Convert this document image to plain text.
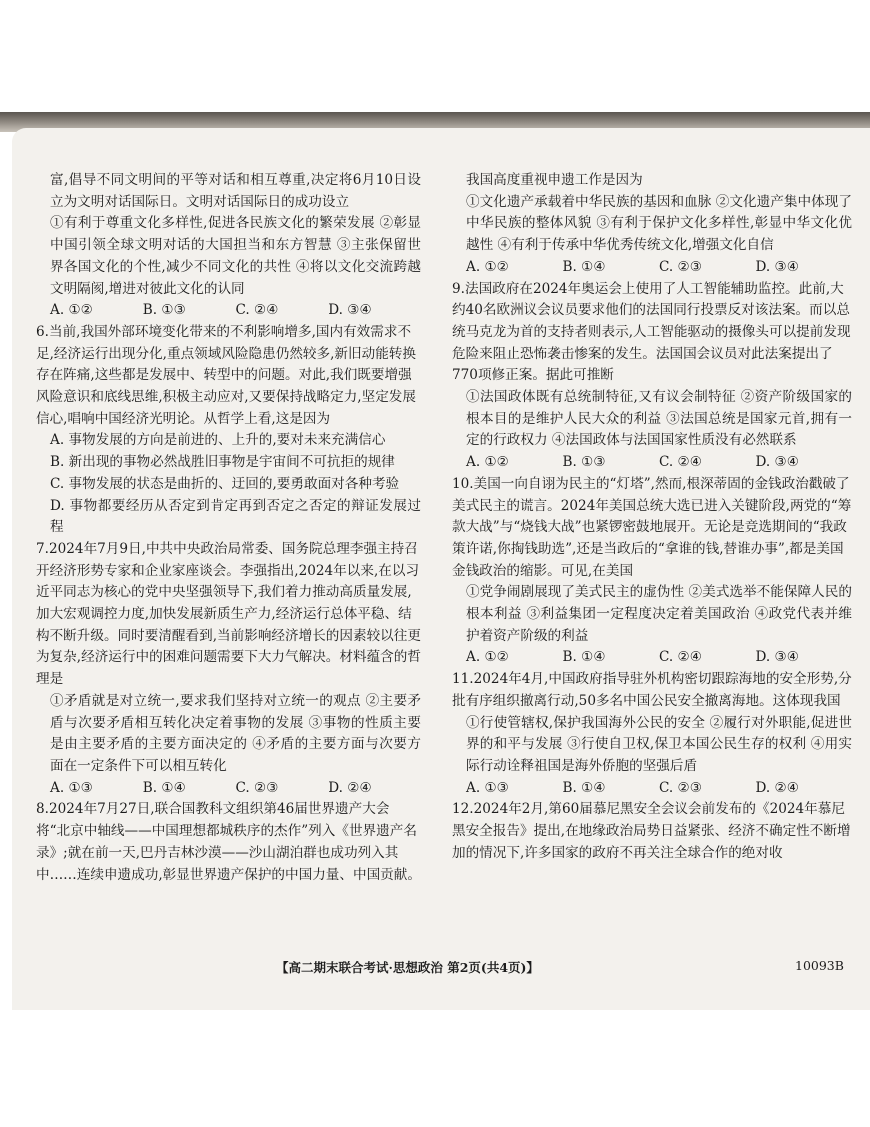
富,倡导不同文明间的平等对话和相互尊重,决定将6月10日设立为文明对话国际日。文明对话国际日的成功设立

①有利于尊重文化多样性,促进各民族文化的繁荣发展 ②彰显中国引领全球文明对话的大国担当和东方智慧 ③主张保留世界各国文化的个性,减少不同文化的共性 ④将以文化交流跨越文明隔阂,增进对彼此文化的认同

A. ①②	B. ①③	C. ②④	D. ③④

6.当前,我国外部环境变化带来的不利影响增多,国内有效需求不足,经济运行出现分化,重点领域风险隐患仍然较多,新旧动能转换存在阵痛,这些都是发展中、转型中的问题。对此,我们既要增强风险意识和底线思维,积极主动应对,又要保持战略定力,坚定发展信心,唱响中国经济光明论。从哲学上看,这是因为

A. 事物发展的方向是前进的、上升的,要对未来充满信心

B. 新出现的事物必然战胜旧事物是宇宙间不可抗拒的规律

C. 事物发展的状态是曲折的、迂回的,要勇敢面对各种考验

D. 事物都要经历从否定到肯定再到否定之否定的辩证发展过程

7.2024年7月9日,中共中央政治局常委、国务院总理李强主持召开经济形势专家和企业家座谈会。李强指出,2024年以来,在以习近平同志为核心的党中央坚强领导下,我们着力推动高质量发展,加大宏观调控力度,加快发展新质生产力,经济运行总体平稳、结构不断升级。同时要清醒看到,当前影响经济增长的因素较以往更为复杂,经济运行中的困难问题需要下大力气解决。材料蕴含的哲理是

①矛盾就是对立统一,要求我们坚持对立统一的观点 ②主要矛盾与次要矛盾相互转化决定着事物的发展 ③事物的性质主要是由主要矛盾的主要方面决定的 ④矛盾的主要方面与次要方面在一定条件下可以相互转化

A. ①③	B. ①④	C. ②③	D. ②④

8.2024年7月27日,联合国教科文组织第46届世界遗产大会将“北京中轴线——中国理想都城秩序的杰作”列入《世界遗产名录》;就在前一天,巴丹吉林沙漠——沙山湖泊群也成功列入其中……连续申遗成功,彰显世界遗产保护的中国力量、中国贡献。

我国高度重视申遗工作是因为

①文化遗产承载着中华民族的基因和血脉 ②文化遗产集中体现了中华民族的整体风貌 ③有利于保护文化多样性,彰显中华文化优越性 ④有利于传承中华优秀传统文化,增强文化自信

A. ①②	B. ①④	C. ②③	D. ③④

9.法国政府在2024年奥运会上使用了人工智能辅助监控。此前,大约40名欧洲议会议员要求他们的法国同行投票反对该法案。而以总统马克龙为首的支持者则表示,人工智能驱动的摄像头可以提前发现危险来阻止恐怖袭击惨案的发生。法国国会议员对此法案提出了770项修正案。据此可推断

①法国政体既有总统制特征,又有议会制特征 ②资产阶级国家的根本目的是维护人民大众的利益 ③法国总统是国家元首,拥有一定的行政权力 ④法国政体与法国国家性质没有必然联系

A. ①②	B. ①③	C. ②④	D. ③④

10.美国一向自诩为民主的“灯塔”,然而,根深蒂固的金钱政治戳破了美式民主的谎言。2024年美国总统大选已进入关键阶段,两党的“筹款大战”与“烧钱大战”也紧锣密鼓地展开。无论是竞选期间的“我政策许诺,你掏钱助选”,还是当政后的“拿谁的钱,替谁办事”,都是美国金钱政治的缩影。可见,在美国

①党争闹剧展现了美式民主的虚伪性 ②美式选举不能保障人民的根本利益 ③利益集团一定程度决定着美国政治 ④政党代表并维护着资产阶级的利益

A. ①②	B. ①④	C. ②④	D. ③④

11.2024年4月,中国政府指导驻外机构密切跟踪海地的安全形势,分批有序组织撤离行动,50多名中国公民安全撤离海地。这体现我国

①行使管辖权,保护我国海外公民的安全 ②履行对外职能,促进世界的和平与发展 ③行使自卫权,保卫本国公民生存的权利 ④用实际行动诠释祖国是海外侨胞的坚强后盾

A. ①③	B. ①④	C. ②③	D. ②④

12.2024年2月,第60届慕尼黑安全会议会前发布的《2024年慕尼黑安全报告》提出,在地缘政治局势日益紧张、经济不确定性不断增加的情况下,许多国家的政府不再关注全球合作的绝对收

【高二期末联合考试·思想政治 第2页(共4页)】	10093B
